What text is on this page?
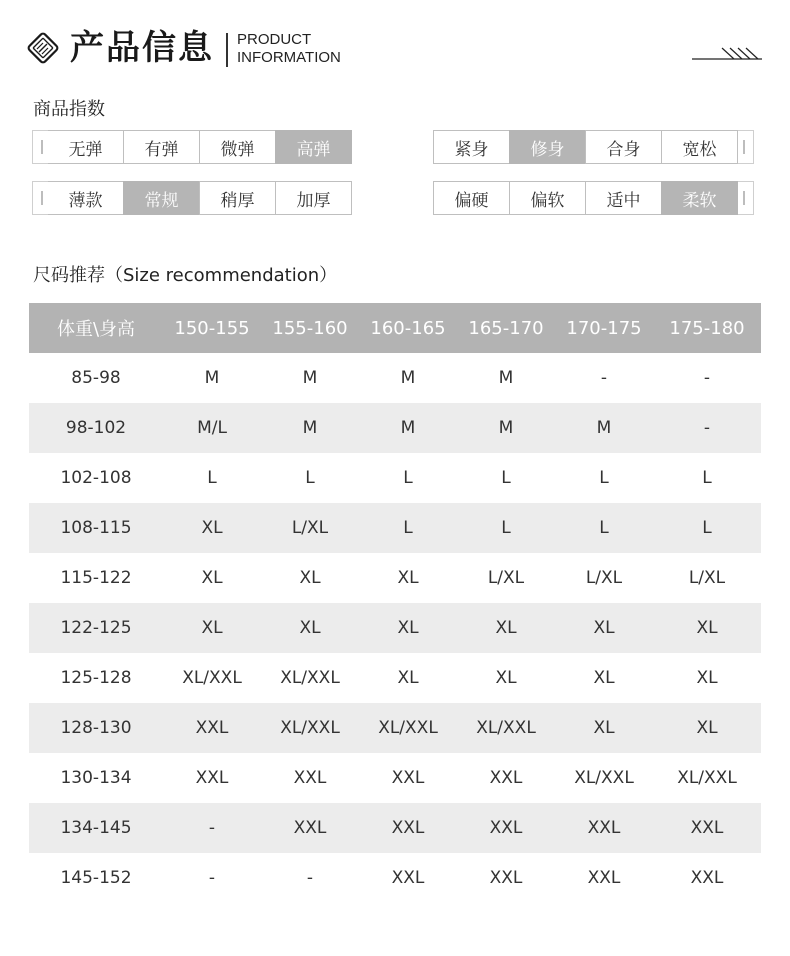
产品信息 PRODUCT
INFORMATION
商品指数
无弹	有弹	微弹	高弹	紧身	修身	合身	宽松
薄款	常规	稍厚	加厚	偏硬	偏软	适中	柔软
尺码推荐（Size recommendation）
体重\身高	150-155	155-160	160-165	165-170	170-175	175-180
85-98	M	M	M	M	-	-
98-102	M/L	M	M	M	M	-
102-108	L	L	L	L	L	L
108-115	XL	L/XL	L	L	L	L
115-122	XL	XL	XL	L/XL	L/XL	L/XL
122-125	XL	XL	XL	XL	XL	XL
125-128	XL/XXL	XL/XXL	XL	XL	XL	XL
128-130	XXL	XL/XXL	XL/XXL	XL/XXL	XL	XL
130-134	XXL	XXL	XXL	XXL	XL/XXL	XL/XXL
134-145	-	XXL	XXL	XXL	XXL	XXL
145-152	-	-	XXL	XXL	XXL	XXL
